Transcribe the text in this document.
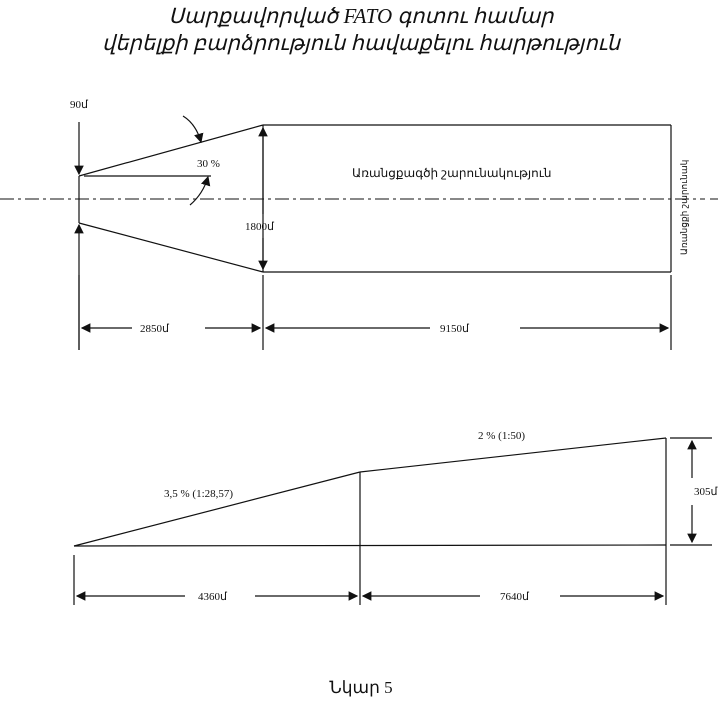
Սարքավորված FATO գոտու համար
վերելքի բարձրություն հավաքելու հարթություն
90մ
30 %
1800մ
Առանցքագծի շարունակություն	Առանցքի շարունակ
2850մ	9150մ
3,5 % (1:28,57)
2 % (1:50)
305մ
4360մ	7640մ
Նկար 5
